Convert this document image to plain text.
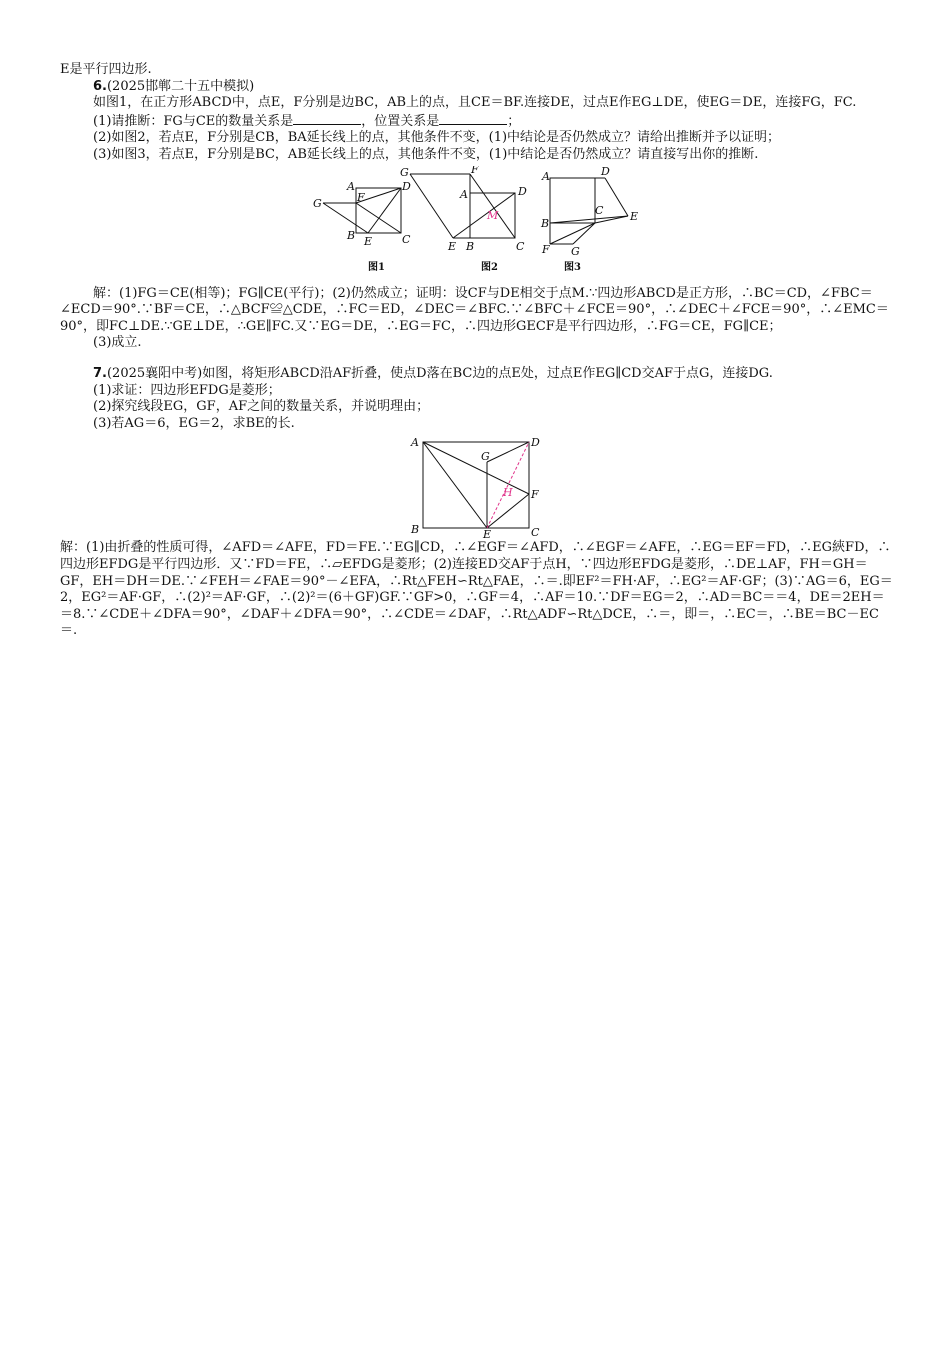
E是平行四边形.

6.(2025邯郸二十五中模拟)

如图1，在正方形ABCD中，点E，F分别是边BC，AB上的点，且CE＝BF.连接DE，过点E作EG⊥DE，使EG＝DE，连接FG，FC.

(1)请推断：FG与CE的数量关系是	，位置关系是	；

(2)如图2，若点E，F分别是CB，BA延长线上的点，其他条件不变，(1)中结论是否仍然成立？请给出推断并予以证明；

(3)如图3，若点E，F分别是BC，AB延长线上的点，其他条件不变，(1)中结论是否仍然成立？请直接写出你的推断.

A	D
F
G
B E	C
图1
G	F
A	D
M
E B	C
图2
A	D
C
B
E
F G
图3

解：(1)FG＝CE(相等)；FG∥CE(平行)；(2)仍然成立；证明：设CF与DE相交于点M.∵四边形ABCD是正方形，∴BC＝CD，∠FBC＝∠ECD＝90°.∵BF＝CE，∴△BCF≌△CDE，∴FC＝ED，∠DEC＝∠BFC.∵∠BFC＋∠FCE＝90°，∴∠DEC＋∠FCE＝90°，∴∠EMC＝90°，即FC⊥DE.∵GE⊥DE，∴GE∥FC.又∵EG＝DE，∴EG＝FC，∴四边形GECF是平行四边形，∴FG＝CE，FG∥CE；

(3)成立.

7.(2025襄阳中考)如图，将矩形ABCD沿AF折叠，使点D落在BC边的点E处，过点E作EG∥CD交AF于点G，连接DG.

(1)求证：四边形EFDG是菱形；

(2)探究线段EG，GF，AF之间的数量关系，并说明理由；

(3)若AG＝6，EG＝2，求BE的长.

A	D
G
H F
B	E	C

解：(1)由折叠的性质可得，∠AFD＝∠AFE，FD＝FE.∵EG∥CD，∴∠EGF＝∠AFD，∴∠EGF＝∠AFE，∴EG＝EF＝FD，∴EG綊FD，∴四边形EFDG是平行四边形．又∵FD＝FE，∴▱EFDG是菱形；(2)连接ED交AF于点H，∵四边形EFDG是菱形，∴DE⊥AF，FH＝GH＝GF，EH＝DH＝DE.∵∠FEH＝∠FAE＝90°－∠EFA，∴Rt△FEH∽Rt△FAE，∴＝.即EF²＝FH·AF，∴EG²＝AF·GF；(3)∵AG＝6，EG＝2，EG²＝AF·GF，∴(2)²＝AF·GF，∴(2)²＝(6＋GF)GF.∵GF>0，∴GF＝4，∴AF＝10.∵DF＝EG＝2，∴AD＝BC＝＝4，DE＝2EH＝＝8.∵∠CDE＋∠DFA＝90°，∠DAF＋∠DFA＝90°，∴∠CDE＝∠DAF，∴Rt△ADF∽Rt△DCE，∴＝，即＝，∴EC＝，∴BE＝BC－EC＝.
